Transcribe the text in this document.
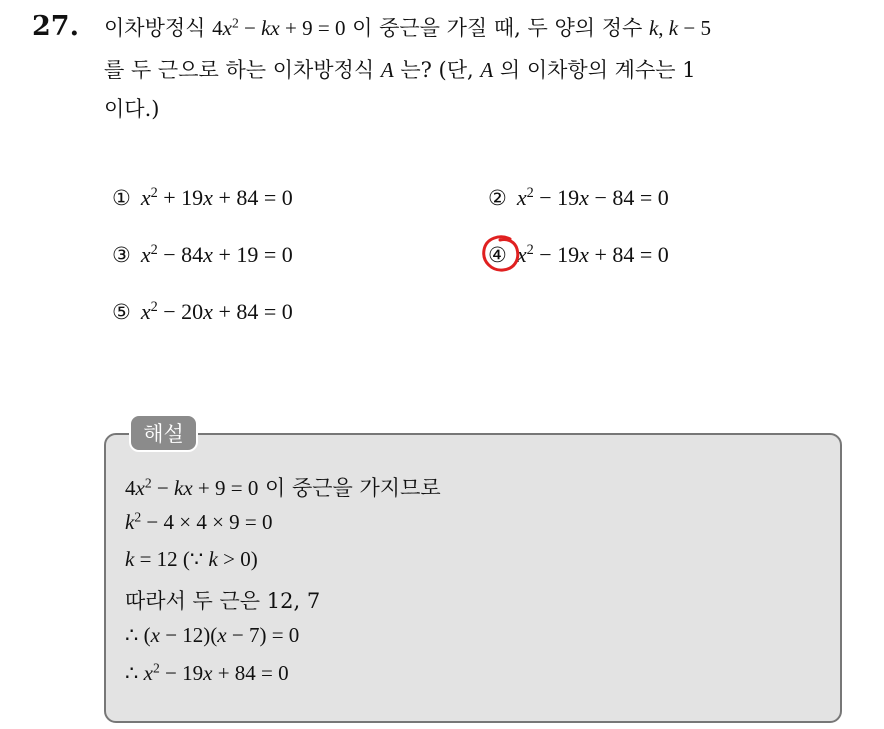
27. 이차방정식 $4x^2$ − kx + 9 = 0 이 중근을 가질 때, 두 양의 정수 k, k − 5
를 두 근으로 하는 이차방정식 A 는? (단, A 의 이차항의 계수는 1
이다.)
① $x^2 + 19x + 84 = 0$	② $x^2 - 19x - 84 = 0$
③ $x^2 - 84x + 19 = 0$	④ $x^2 - 19x + 84 = 0$
⑤ $x^2 - 20x + 84 = 0$
해설
$4x^2$ − kx + 9 = 0 이 중근을 가지므로
$k^2 - 4 \times 4 \times 9 = 0$
k = 12 (∵ k > 0)
따라서 두 근은 12, 7
∴ (x − 12)(x − 7) = 0
∴ $x^2 - 19x + 84 = 0$
